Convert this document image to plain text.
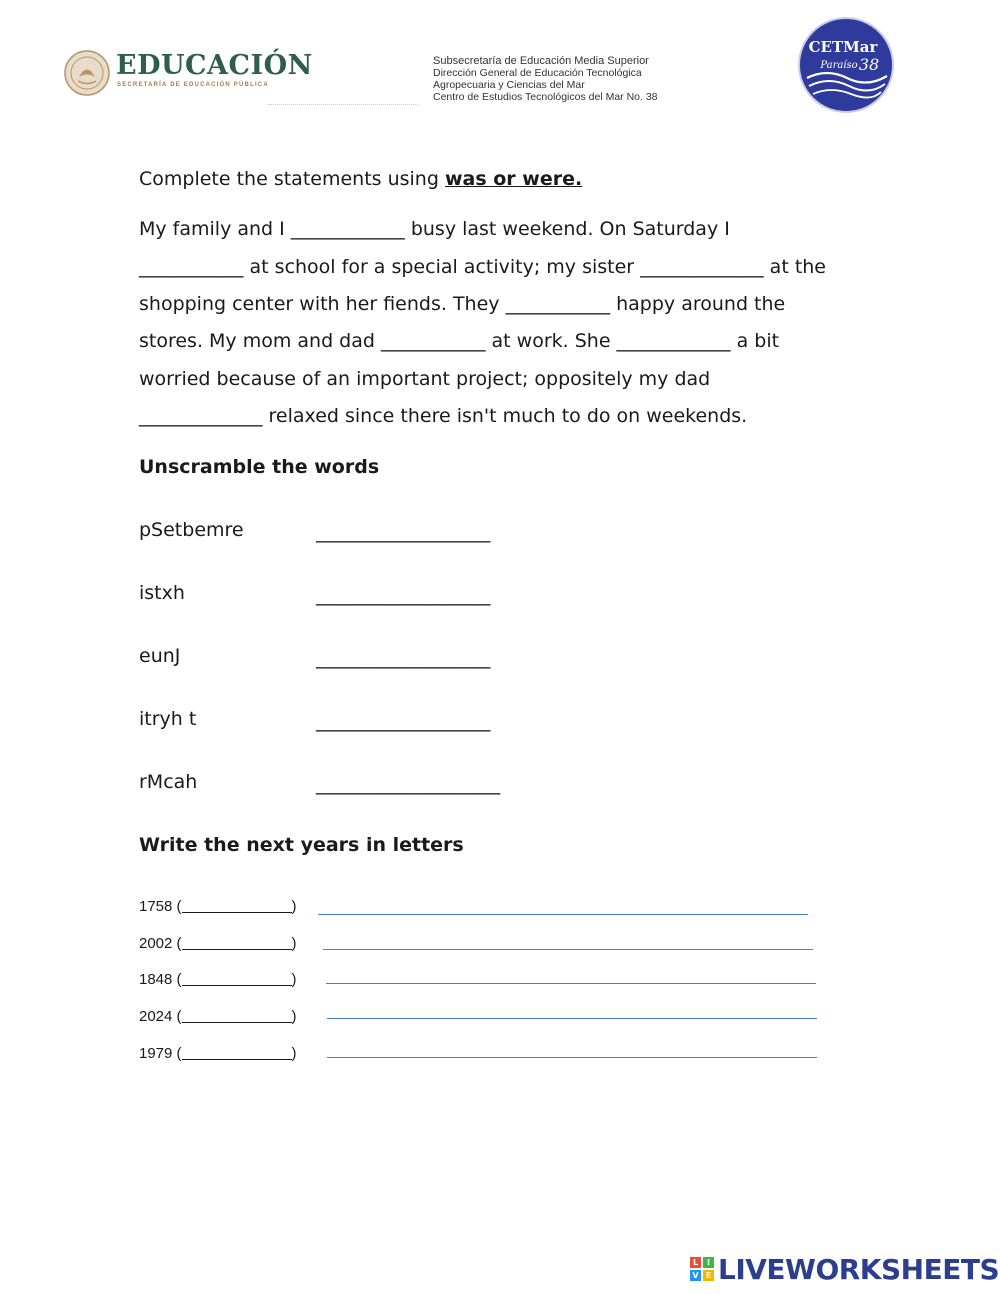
EDUCACIÓN
SECRETARÍA DE EDUCACIÓN PÚBLICA
Subsecretaría de Educación Media Superior
Dirección General de Educación Tecnológica
Agropecuaria y Ciencias del Mar
Centro de Estudios Tecnológicos del Mar No. 38
CETMar
Paraíso 38
Complete the statements using was or were.
My family and I ____________ busy last weekend. On Saturday I
___________ at school for a special activity; my sister _____________ at the
shopping center with her fiends. They ___________ happy around the
stores. My mom and dad ___________ at work. She ____________ a bit
worried because of an important project; oppositely my dad
_____________ relaxed since there isn't much to do on weekends.
Unscramble the words
pSetbemre	__________________
istxh	__________________
eunJ	__________________
itryh t	__________________
rMcah	___________________
Write the next years in letters
1758 (	)
2002 (	)
1848 (	)
2024 (	)
1979 (	)
L	I
V E LIVEWORKSHEETS
